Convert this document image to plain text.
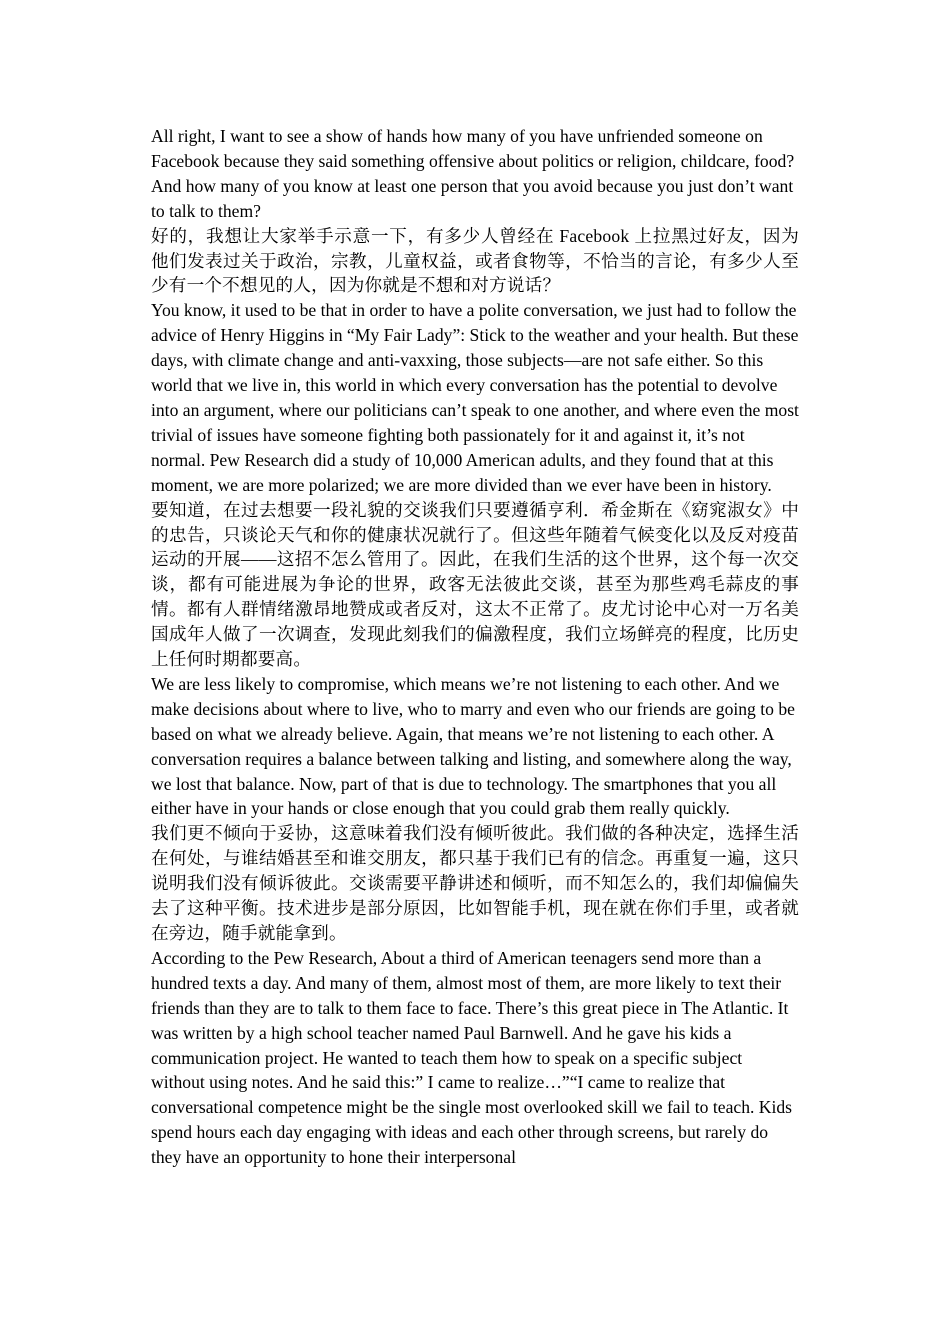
All right, I want to see a show of hands how many of you have unfriended someone on Facebook because they said something offensive about politics or religion, childcare, food? And how many of you know at least one person that you avoid because you just don’t want to talk to them?

好的，我想让大家举手示意一下，有多少人曾经在 Facebook 上拉黑过好友，因为他们发表过关于政治，宗教，儿童权益，或者食物等，不恰当的言论，有多少人至少有一个不想见的人，因为你就是不想和对方说话？

You know, it used to be that in order to have a polite conversation, we just had to follow the advice of Henry Higgins in “My Fair Lady”: Stick to the weather and your health. But these days, with climate change and anti-vaxxing, those subjects—are not safe either. So this world that we live in, this world in which every conversation has the potential to devolve into an argument, where our politicians can’t speak to one another, and where even the most trivial of issues have someone fighting both passionately for it and against it, it’s not normal. Pew Research did a study of 10,000 American adults, and they found that at this moment, we are more polarized; we are more divided than we ever have been in history.

要知道，在过去想要一段礼貌的交谈我们只要遵循亨利．希金斯在《窈窕淑女》中的忠告，只谈论天气和你的健康状况就行了。但这些年随着气候变化以及反对疫苗运动的开展——这招不怎么管用了。因此，在我们生活的这个世界，这个每一次交谈，都有可能进展为争论的世界，政客无法彼此交谈，甚至为那些鸡毛蒜皮的事情。都有人群情绪激昂地赞成或者反对，这太不正常了。皮尤讨论中心对一万名美国成年人做了一次调查，发现此刻我们的偏激程度，我们立场鲜亮的程度，比历史上任何时期都要高。

We are less likely to compromise, which means we’re not listening to each other. And we make decisions about where to live, who to marry and even who our friends are going to be based on what we already believe. Again, that means we’re not listening to each other. A conversation requires a balance between talking and listing, and somewhere along the way, we lost that balance. Now, part of that is due to technology. The smartphones that you all either have in your hands or close enough that you could grab them really quickly.

我们更不倾向于妥协，这意味着我们没有倾听彼此。我们做的各种决定，选择生活在何处，与谁结婚甚至和谁交朋友，都只基于我们已有的信念。再重复一遍，这只说明我们没有倾诉彼此。交谈需要平静讲述和倾听，而不知怎么的，我们却偏偏失去了这种平衡。技术进步是部分原因，比如智能手机，现在就在你们手里，或者就在旁边，随手就能拿到。

According to the Pew Research, About a third of American teenagers send more than a hundred texts a day. And many of them, almost most of them, are more likely to text their friends than they are to talk to them face to face. There’s this great piece in The Atlantic. It was written by a high school teacher named Paul Barnwell. And he gave his kids a communication project. He wanted to teach them how to speak on a specific subject without using notes. And he said this:” I came to realize…”“I came to realize that conversational competence might be the single most overlooked skill we fail to teach. Kids spend hours each day engaging with ideas and each other through screens, but rarely do they have an opportunity to hone their interpersonal
